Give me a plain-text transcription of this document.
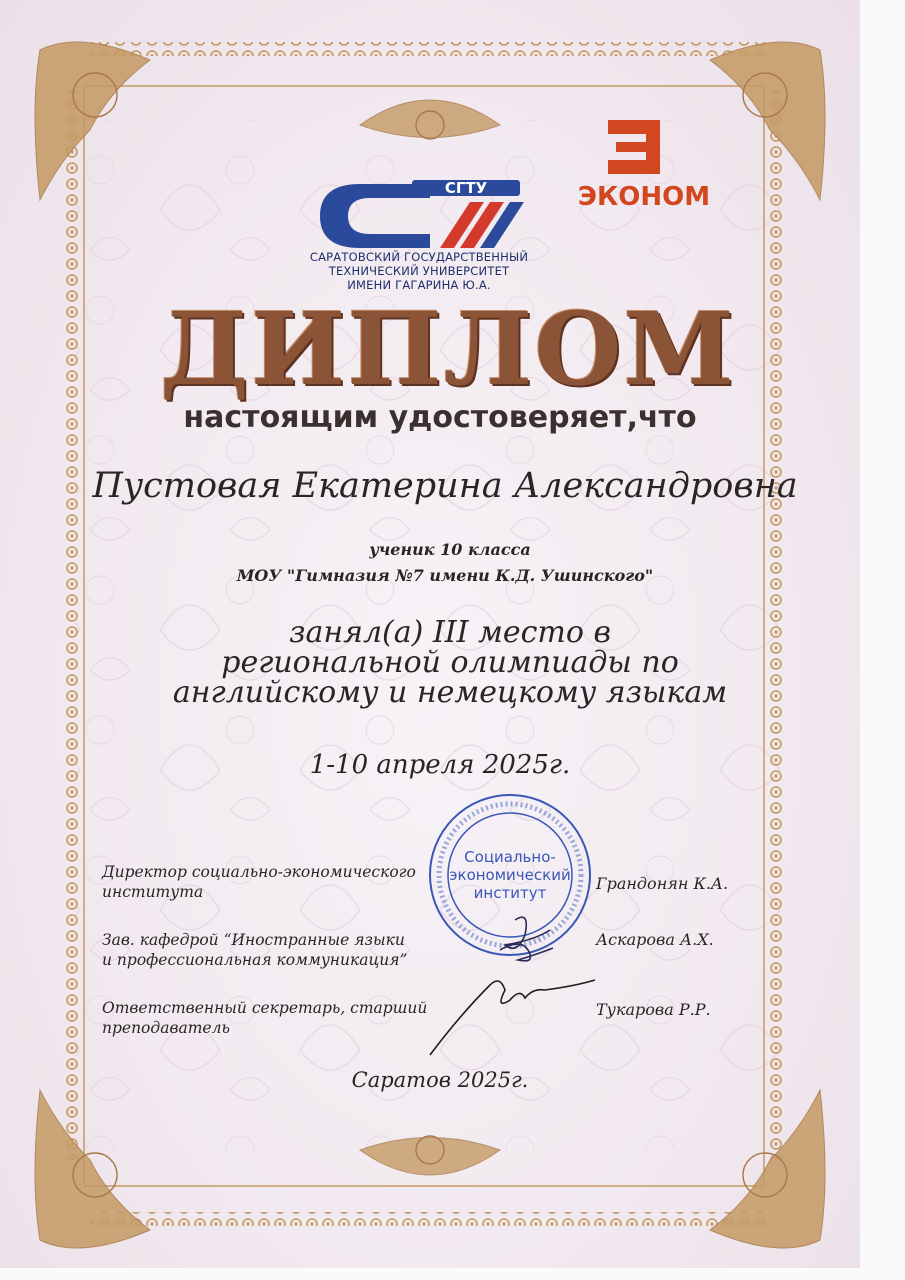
СГТУ
САРАТОВСКИЙ ГОСУДАРСТВЕННЫЙ
ТЕХНИЧЕСКИЙ УНИВЕРСИТЕТ
ИМЕНИ ГАГАРИНА Ю.А.
ЭКОНОМ
ДИПЛОМ
настоящим удостоверяет,что
Пустовая Екатерина Александровна
ученик 10 класса
МОУ "Гимназия №7 имени К.Д. Ушинского"
занял(а) III место в
региональной олимпиады по
английскому и немецкому языкам
1-10 апреля 2025г.
Социально-
экономический
институт
Директор социально-экономического
института	Грандонян К.А.
Зав. кафедрой “Иностранные языки
и профессиональная коммуникация”
Аскарова А.Х.
Ответственный секретарь, старший
преподаватель
Тукарова Р.Р.
Саратов 2025г.
